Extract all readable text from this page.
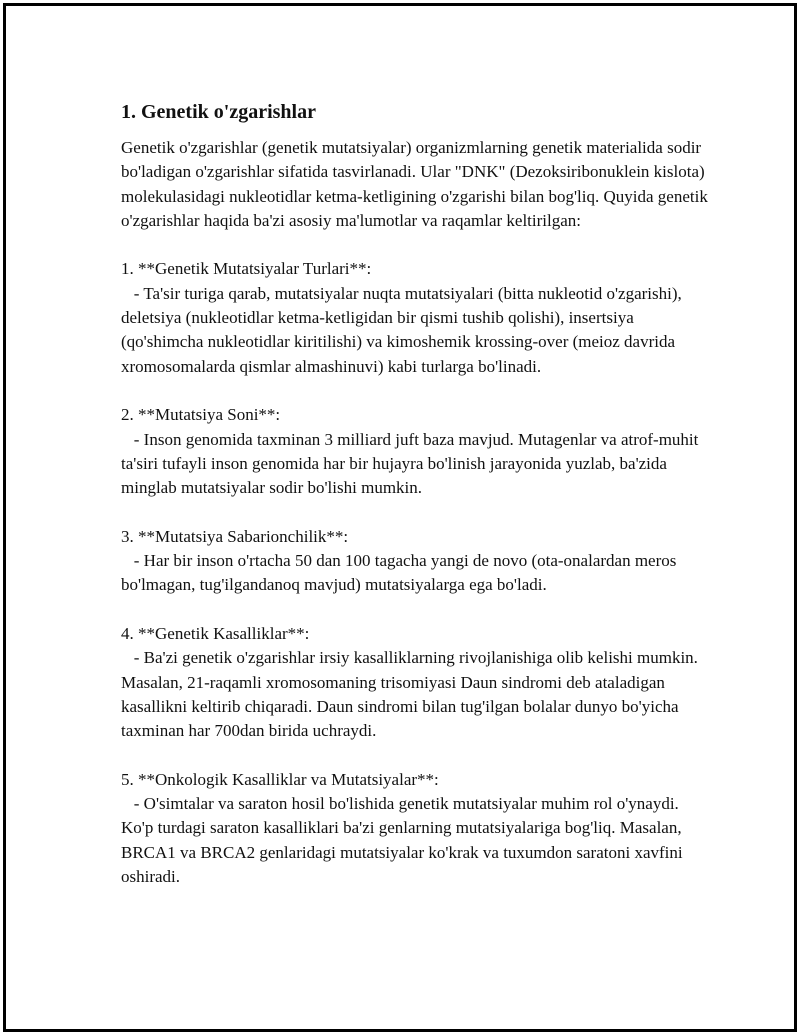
1. Genetik o'zgarishlar

Genetik o'zgarishlar (genetik mutatsiyalar) organizmlarning genetik materialida sodir bo'ladigan o'zgarishlar sifatida tasvirlanadi. Ular "DNK" (Dezoksiribonuklein kislota) molekulasidagi nukleotidlar ketma-ketligining o'zgarishi bilan bog'liq. Quyida genetik o'zgarishlar haqida ba'zi asosiy ma'lumotlar va raqamlar keltirilgan:

1. **Genetik Mutatsiyalar Turlari**:

- Ta'sir turiga qarab, mutatsiyalar nuqta mutatsiyalari (bitta nukleotid o'zgarishi), deletsiya (nukleotidlar ketma-ketligidan bir qismi tushib qolishi), insertsiya (qo'shimcha nukleotidlar kiritilishi) va kimoshemik krossing-over (meioz davrida xromosomalarda qismlar almashinuvi) kabi turlarga bo'linadi.

2. **Mutatsiya Soni**:

- Inson genomida taxminan 3 milliard juft baza mavjud. Mutagenlar va atrof-muhit ta'siri tufayli inson genomida har bir hujayra bo'linish jarayonida yuzlab, ba'zida minglab mutatsiyalar sodir bo'lishi mumkin.

3. **Mutatsiya Sabarionchilik**:

- Har bir inson o'rtacha 50 dan 100 tagacha yangi de novo (ota-onalardan meros bo'lmagan, tug'ilgandanoq mavjud) mutatsiyalarga ega bo'ladi.

4. **Genetik Kasalliklar**:

- Ba'zi genetik o'zgarishlar irsiy kasalliklarning rivojlanishiga olib kelishi mumkin. Masalan, 21-raqamli xromosomaning trisomiyasi Daun sindromi deb ataladigan kasallikni keltirib chiqaradi. Daun sindromi bilan tug'ilgan bolalar dunyo bo'yicha taxminan har 700dan birida uchraydi.

5. **Onkologik Kasalliklar va Mutatsiyalar**:

- O'simtalar va saraton hosil bo'lishida genetik mutatsiyalar muhim rol o'ynaydi. Ko'p turdagi saraton kasalliklari ba'zi genlarning mutatsiyalariga bog'liq. Masalan, BRCA1 va BRCA2 genlaridagi mutatsiyalar ko'krak va tuxumdon saratoni xavfini oshiradi.
